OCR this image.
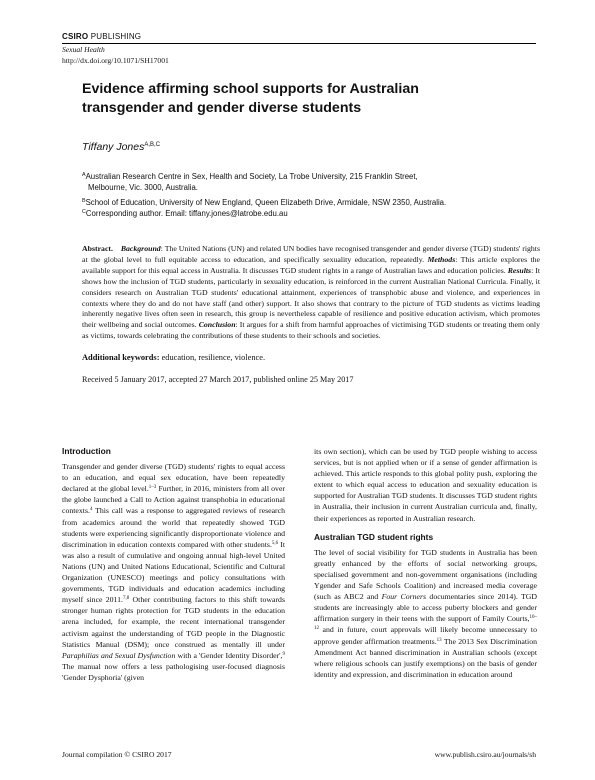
CSIRO PUBLISHING
Sexual Health
http://dx.doi.org/10.1071/SH17001
Evidence affirming school supports for Australian
transgender and gender diverse students
Tiffany Jones$^{A,B,C}$
$^A$Australian Research Centre in Sex, Health and Society, La Trobe University, 215 Franklin Street,
Melbourne, Vic. 3000, Australia.
$^B$School of Education, University of New England, Queen Elizabeth Drive, Armidale, NSW 2350, Australia.
$^C$Corresponding author. Email: tiffany.jones@latrobe.edu.au
Abstract. Background: The United Nations (UN) and related UN bodies have recognised transgender and gender diverse (TGD) students' rights at the global level to full equitable access to education, and specifically sexuality education, repeatedly. Methods: This article explores the available support for this equal access in Australia. It discusses TGD student rights in a range of Australian laws and education policies. Results: It shows how the inclusion of TGD students, particularly in sexuality education, is reinforced in the current Australian National Curricula. Finally, it considers research on Australian TGD students' educational attainment, experiences of transphobic abuse and violence, and experiences in contexts where they do and do not have staff (and other) support. It also shows that contrary to the picture of TGD students as victims leading inherently negative lives often seen in research, this group is nevertheless capable of resilience and positive education activism, which promotes their wellbeing and social outcomes. Conclusion: It argues for a shift from harmful approaches of victimising TGD students or treating them only as victims, towards celebrating the contributions of these students to their schools and societies.
Additional keywords: education, resilience, violence.
Received 5 January 2017, accepted 27 March 2017, published online 25 May 2017
Introduction

Transgender and gender diverse (TGD) students' rights to equal access to an education, and equal sex education, have been repeatedly declared at the global level.$^{1-3}$ Further, in 2016, ministers from all over the globe launched a Call to Action against transphobia in educational contexts.$^4$ This call was a response to aggregated reviews of research from academics around the world that repeatedly showed TGD students were experiencing significantly disproportionate violence and discrimination in education contexts compared with other students.$^{5,6}$ It was also a result of cumulative and ongoing annual high-level United Nations (UN) and United Nations Educational, Scientific and Cultural Organization (UNESCO) meetings and policy consultations with governments, TGD individuals and education academics including myself since 2011.$^{7,8}$ Other contributing factors to this shift towards stronger human rights protection for TGD students in the education arena included, for example, the recent international transgender activism against the understanding of TGD people in the Diagnostic Statistics Manual (DSM); once construed as mentally ill under Paraphilias and Sexual Dysfunction with a 'Gender Identity Disorder',$^9$ The manual now offers a less pathologising user-focused diagnosis 'Gender Dysphoria' (given

its own section), which can be used by TGD people wishing to access services, but is not applied when or if a sense of gender affirmation is achieved. This article responds to this global polity push, exploring the extent to which equal access to education and sexuality education is supported for Australian TGD students. It discusses TGD student rights in Australia, their inclusion in current Australian curricula and, finally, their experiences as reported in Australian research.

Australian TGD student rights

The level of social visibility for TGD students in Australia has been greatly enhanced by the efforts of social networking groups, specialised government and non-government organisations (including Ygender and Safe Schools Coalition) and increased media coverage (such as ABC2 and Four Corners documentaries since 2014). TGD students are increasingly able to access puberty blockers and gender affirmation surgery in their teens with the support of Family Courts,$^{10-12}$ and in future, court approvals will likely become unnecessary to approve gender affirmation treatments.$^{13}$ The 2013 Sex Discrimination Amendment Act banned discrimination in Australian schools (except where religious schools can justify exemptions) on the basis of gender identity and expression, and discrimination in education around

Journal compilation © CSIRO 2017	www.publish.csiro.au/journals/sh
